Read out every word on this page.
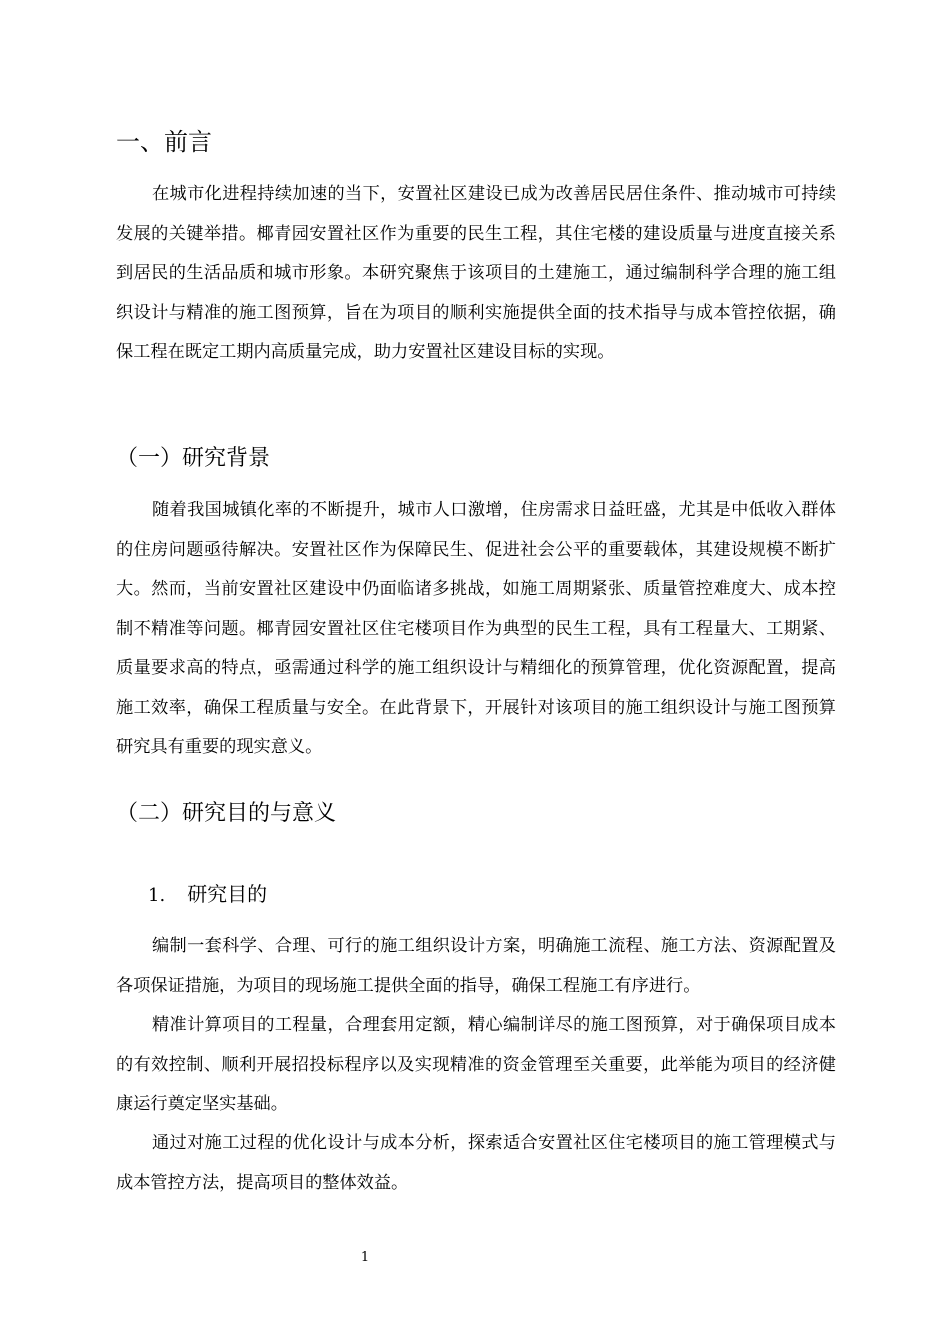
一、前言

在城市化进程持续加速的当下，安置社区建设已成为改善居民居住条件、推动城市可持续发展的关键举措。椰青园安置社区作为重要的民生工程，其住宅楼的建设质量与进度直接关系到居民的生活品质和城市形象。本研究聚焦于该项目的土建施工，通过编制科学合理的施工组织设计与精准的施工图预算，旨在为项目的顺利实施提供全面的技术指导与成本管控依据，确保工程在既定工期内高质量完成，助力安置社区建设目标的实现。

（一）研究背景

随着我国城镇化率的不断提升，城市人口激增，住房需求日益旺盛，尤其是中低收入群体的住房问题亟待解决。安置社区作为保障民生、促进社会公平的重要载体，其建设规模不断扩大。然而，当前安置社区建设中仍面临诸多挑战，如施工周期紧张、质量管控难度大、成本控制不精准等问题。椰青园安置社区住宅楼项目作为典型的民生工程，具有工程量大、工期紧、质量要求高的特点，亟需通过科学的施工组织设计与精细化的预算管理，优化资源配置，提高施工效率，确保工程质量与安全。在此背景下，开展针对该项目的施工组织设计与施工图预算研究具有重要的现实意义。

（二）研究目的与意义
1. 研究目的

编制一套科学、合理、可行的施工组织设计方案，明确施工流程、施工方法、资源配置及各项保证措施，为项目的现场施工提供全面的指导，确保工程施工有序进行。

精准计算项目的工程量，合理套用定额，精心编制详尽的施工图预算，对于确保项目成本的有效控制、顺利开展招投标程序以及实现精准的资金管理至关重要，此举能为项目的经济健康运行奠定坚实基础。

通过对施工过程的优化设计与成本分析，探索适合安置社区住宅楼项目的施工管理模式与成本管控方法，提高项目的整体效益。

1
